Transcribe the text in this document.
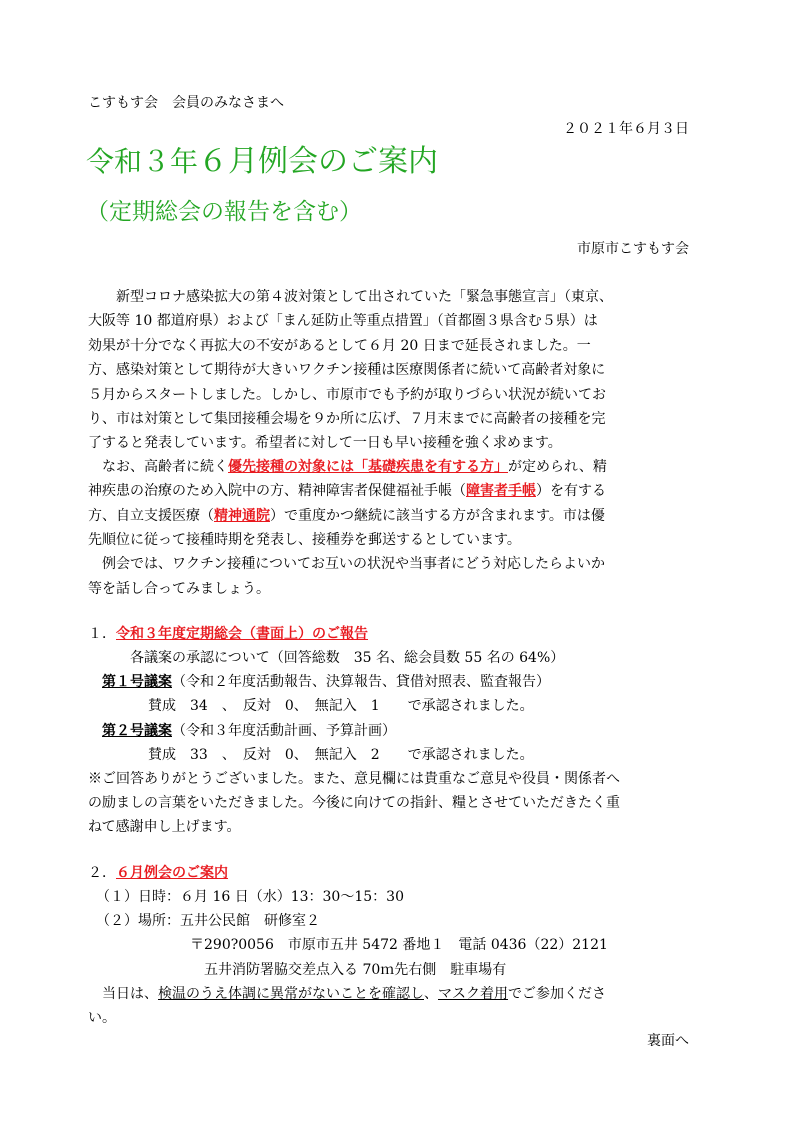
こすもす会　会員のみなさまへ
２０２１年６月３日
令和３年６月例会のご案内
（定期総会の報告を含む）
市原市こすもす会
新型コロナ感染拡大の第４波対策として出されていた「緊急事態宣言」（東京、
大阪等 10 都道府県）および「まん延防止等重点措置」（首都圏３県含む５県）は
効果が十分でなく再拡大の不安があるとして６月 20 日まで延長されました。一
方、感染対策として期待が大きいワクチン接種は医療関係者に続いて高齢者対象に
５月からスタートしました。しかし、市原市でも予約が取りづらい状況が続いてお
り、市は対策として集団接種会場を９か所に広げ、７月末までに高齢者の接種を完
了すると発表しています。希望者に対して一日も早い接種を強く求めます。
なお、高齢者に続く優先接種の対象には「基礎疾患を有する方」が定められ、精
神疾患の治療のため入院中の方、精神障害者保健福祉手帳（障害者手帳）を有する
方、自立支援医療（精神通院）で重度かつ継続に該当する方が含まれます。市は優
先順位に従って接種時期を発表し、接種券を郵送するとしています。
例会では、ワクチン接種についてお互いの状況や当事者にどう対応したらよいか
等を話し合ってみましょう。
１．令和３年度定期総会（書面上）のご報告
各議案の承認について（回答総数　35 名、総会員数 55 名の 64%）
第１号議案（令和２年度活動報告、決算報告、貸借対照表、監査報告）
賛成　34　、　反対　0、　無記入　1　　で承認されました。
第２号議案（令和３年度活動計画、予算計画）
賛成　33　、　反対　0、　無記入　2　　で承認されました。
※ご回答ありがとうございました。また、意見欄には貴重なご意見や役員・関係者へ
の励ましの言葉をいただきました。今後に向けての指針、糧とさせていただきたく重
ねて感謝申し上げます。
２．６月例会のご案内
（１）日時：６月 16 日（水）13：30～15：30
（２）場所：五井公民館　研修室２
〒290?0056　市原市五井 5472 番地１　電話 0436（22）2121
五井消防署脇交差点入る 70ｍ先右側　駐車場有
当日は、検温のうえ体調に異常がないことを確認し、マスク着用でご参加くださ
い。
裏面へ
